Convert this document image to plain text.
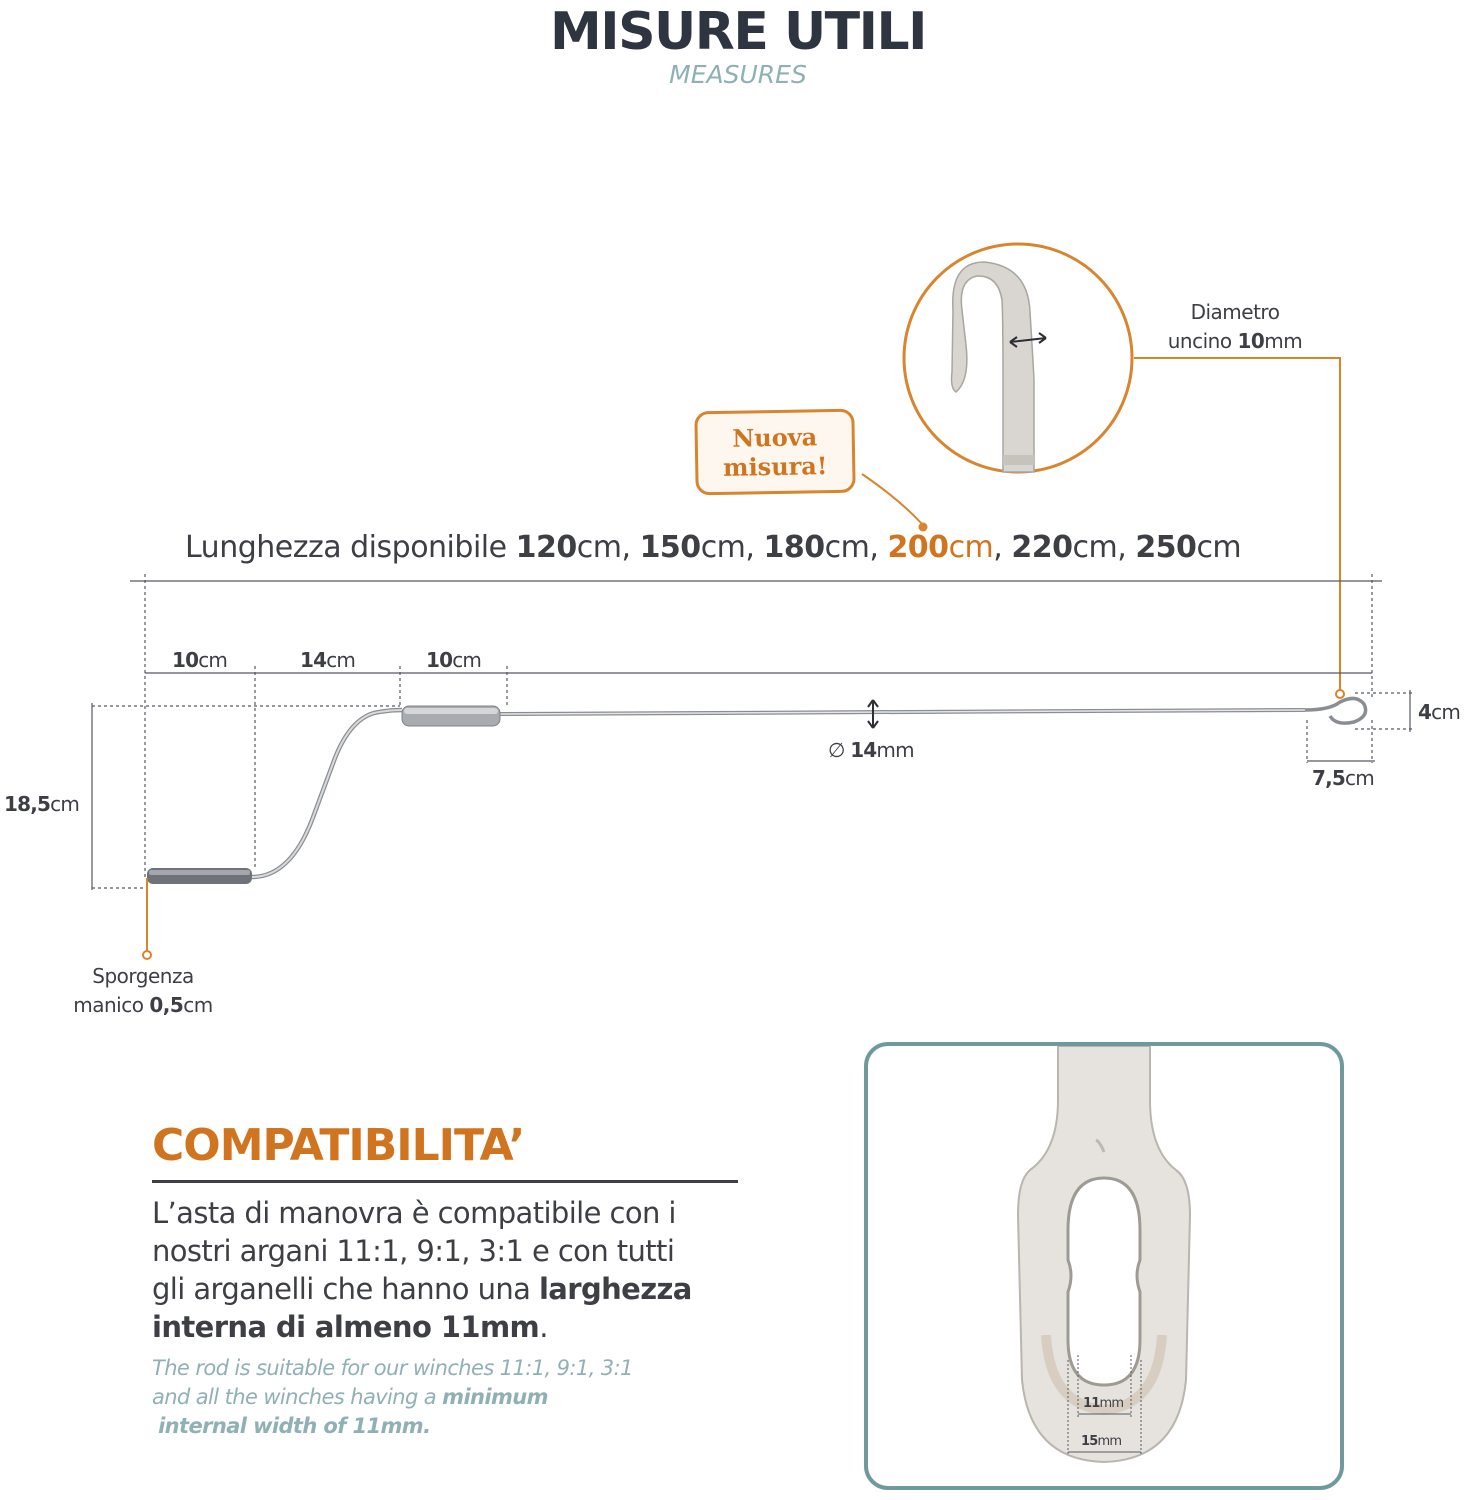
MISURE UTILI
MEASURES
Nuova
misura!
Lunghezza disponibile 120cm, 150cm, 180cm, 200cm, 220cm, 250cm
10cm	14cm	10cm
18,5cm
∅ 14mm
4cm
7,5cm
Diametro
uncino 10mm
Sporgenza
manico 0,5cm
COMPATIBILITA’
L’asta di manovra è compatibile con i
nostri argani 11:1, 9:1, 3:1 e con tutti
gli arganelli che hanno una larghezza
interna di almeno 11mm.
The rod is suitable for our winches 11:1, 9:1, 3:1
and all the winches having a minimum
internal width of 11mm.
11mm
15mm
